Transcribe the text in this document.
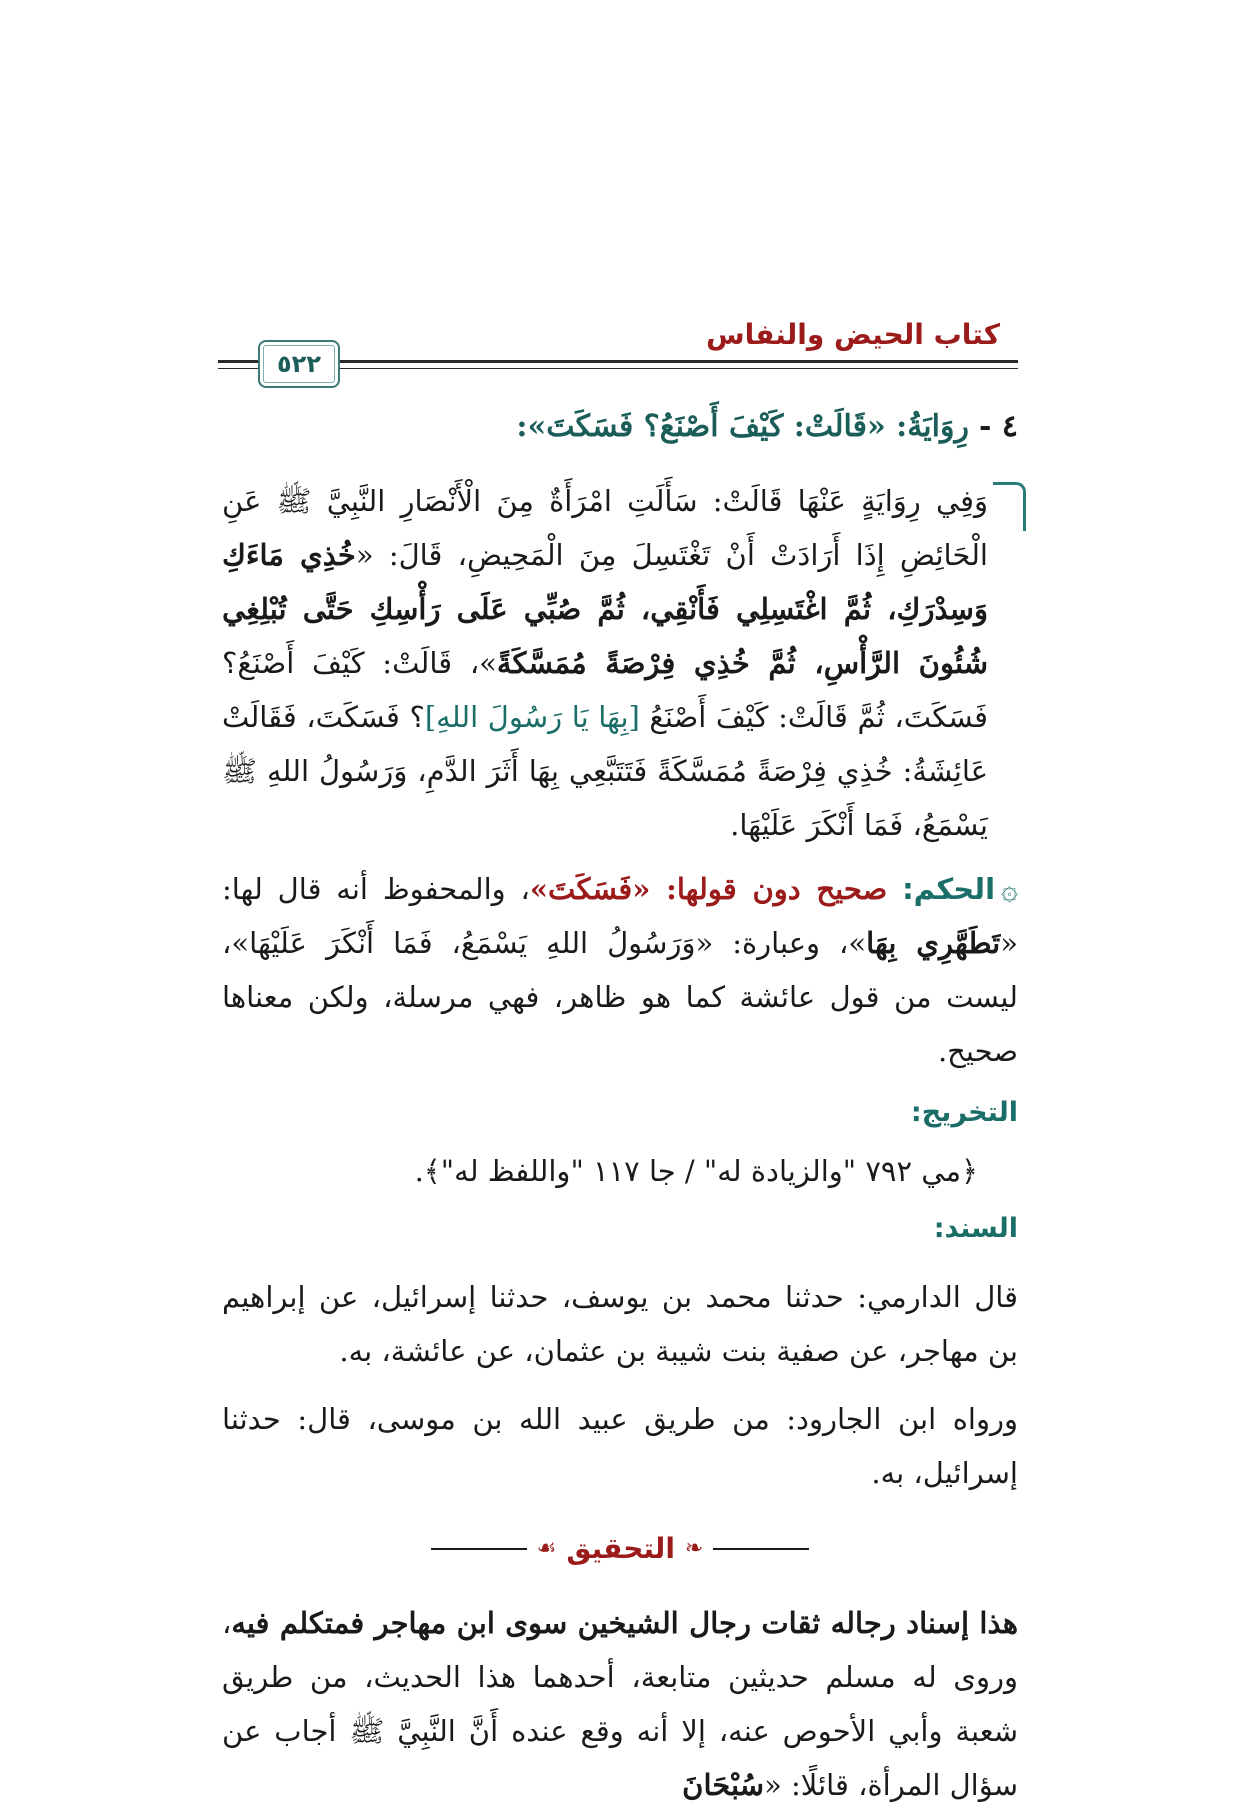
كتاب الحيض والنفاس
٥٢٢
٤ -رِوَايَةُ: «قَالَتْ: كَيْفَ أَصْنَعُ؟ فَسَكَتَ»:
وَفِي رِوَايَةٍ عَنْهَا قَالَتْ: سَأَلَتِ امْرَأَةٌ مِنَ الْأَنْصَارِ النَّبِيَّ ﷺ عَنِ الْحَائِضِ إِذَا أَرَادَتْ أَنْ تَغْتَسِلَ مِنَ الْمَحِيضِ، قَالَ: «خُذِي مَاءَكِ وَسِدْرَكِ، ثُمَّ اغْتَسِلِي فَأَنْقِي، ثُمَّ صُبِّي عَلَى رَأْسِكِ حَتَّى تُبْلِغِي شُئُونَ الرَّأْسِ، ثُمَّ خُذِي فِرْصَةً مُمَسَّكَةً»، قَالَتْ: كَيْفَ أَصْنَعُ؟ فَسَكَتَ، ثُمَّ قَالَتْ: كَيْفَ أَصْنَعُ [بِهَا يَا رَسُولَ اللهِ]؟ فَسَكَتَ، فَقَالَتْ عَائِشَةُ: خُذِي فِرْصَةً مُمَسَّكَةً فَتَتَبَّعِي بِهَا أَثَرَ الدَّمِ، وَرَسُولُ اللهِ ﷺ يَسْمَعُ، فَمَا أَنْكَرَ عَلَيْهَا.
۞الحكم: صحيح دون قولها: «فَسَكَتَ»، والمحفوظ أنه قال لها: «تَطَهَّرِي بِهَا»، وعبارة: «وَرَسُولُ اللهِ يَسْمَعُ، فَمَا أَنْكَرَ عَلَيْهَا»، ليست من قول عائشة كما هو ظاهر، فهي مرسلة، ولكن معناها صحيح.
التخريج:
﴿مي ٧٩٢ "والزيادة له" / جا ١١٧ "واللفظ له"﴾.
السند:
قال الدارمي: حدثنا محمد بن يوسف، حدثنا إسرائيل، عن إبراهيم بن مهاجر، عن صفية بنت شيبة بن عثمان، عن عائشة، به.
ورواه ابن الجارود: من طريق عبيد الله بن موسى، قال: حدثنا إسرائيل، به.
❧
التحقيق
☙
هذا إسناد رجاله ثقات رجال الشيخين سوى ابن مهاجر فمتكلم فيه، وروى له مسلم حديثين متابعة، أحدهما هذا الحديث، من طريق شعبة وأبي الأحوص عنه، إلا أنه وقع عنده أَنَّ النَّبِيَّ ﷺ أجاب عن سؤال المرأة، قائلًا: «سُبْحَانَ
